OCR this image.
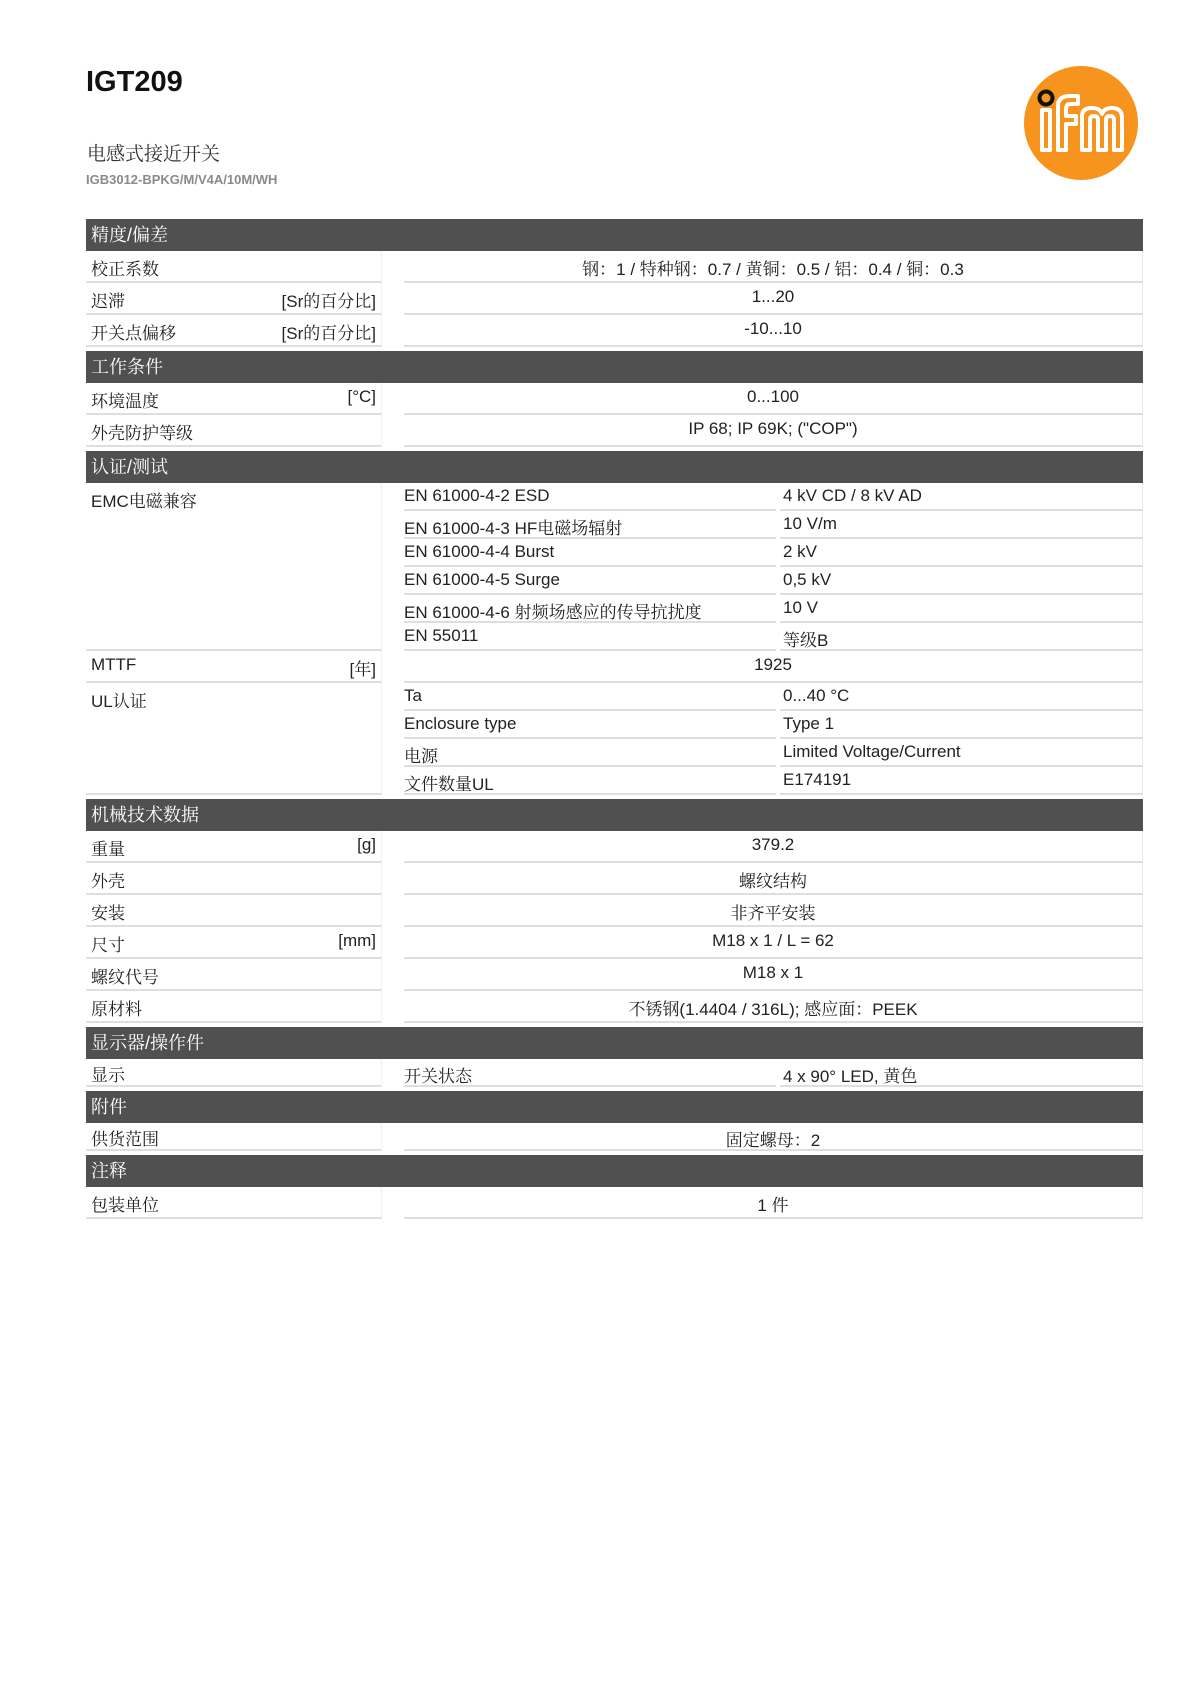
IGT209
电感式接近开关
IGB3012-BPKG/M/V4A/10M/WH
精度/偏差
校正系数	钢：1 / 特种钢：0.7 / 黄铜：0.5 / 铝：0.4 / 铜：0.3
迟滞	[Sr的百分比]	1...20
开关点偏移	[Sr的百分比]	-10...10
工作条件
环境温度	[°C]	0...100
外壳防护等级	IP 68; IP 69K; ("COP")
认证/测试
EMC电磁兼容	EN 61000-4-2 ESD	4 kV CD / 8 kV AD
EN 61000-4-3 HF电磁场辐射	10 V/m
EN 61000-4-4 Burst	2 kV
EN 61000-4-5 Surge	0,5 kV
EN 61000-4-6 射频场感应的传导抗扰度	10 V
EN 55011	等级B
MTTF	[年]	1925
UL认证	Ta	0...40 °C
Enclosure type	Type 1
电源	Limited Voltage/Current
文件数量UL	E174191
机械技术数据
重量	[g]	379.2
外壳	螺纹结构
安装	非齐平安装
尺寸	[mm]	M18 x 1 / L = 62
螺纹代号	M18 x 1
原材料	不锈钢(1.4404 / 316L); 感应面：PEEK
显示器/操作件
显示	开关状态	4 x 90° LED, 黄色
附件
供货范围	固定螺母：2
注释
包装单位	1 件
